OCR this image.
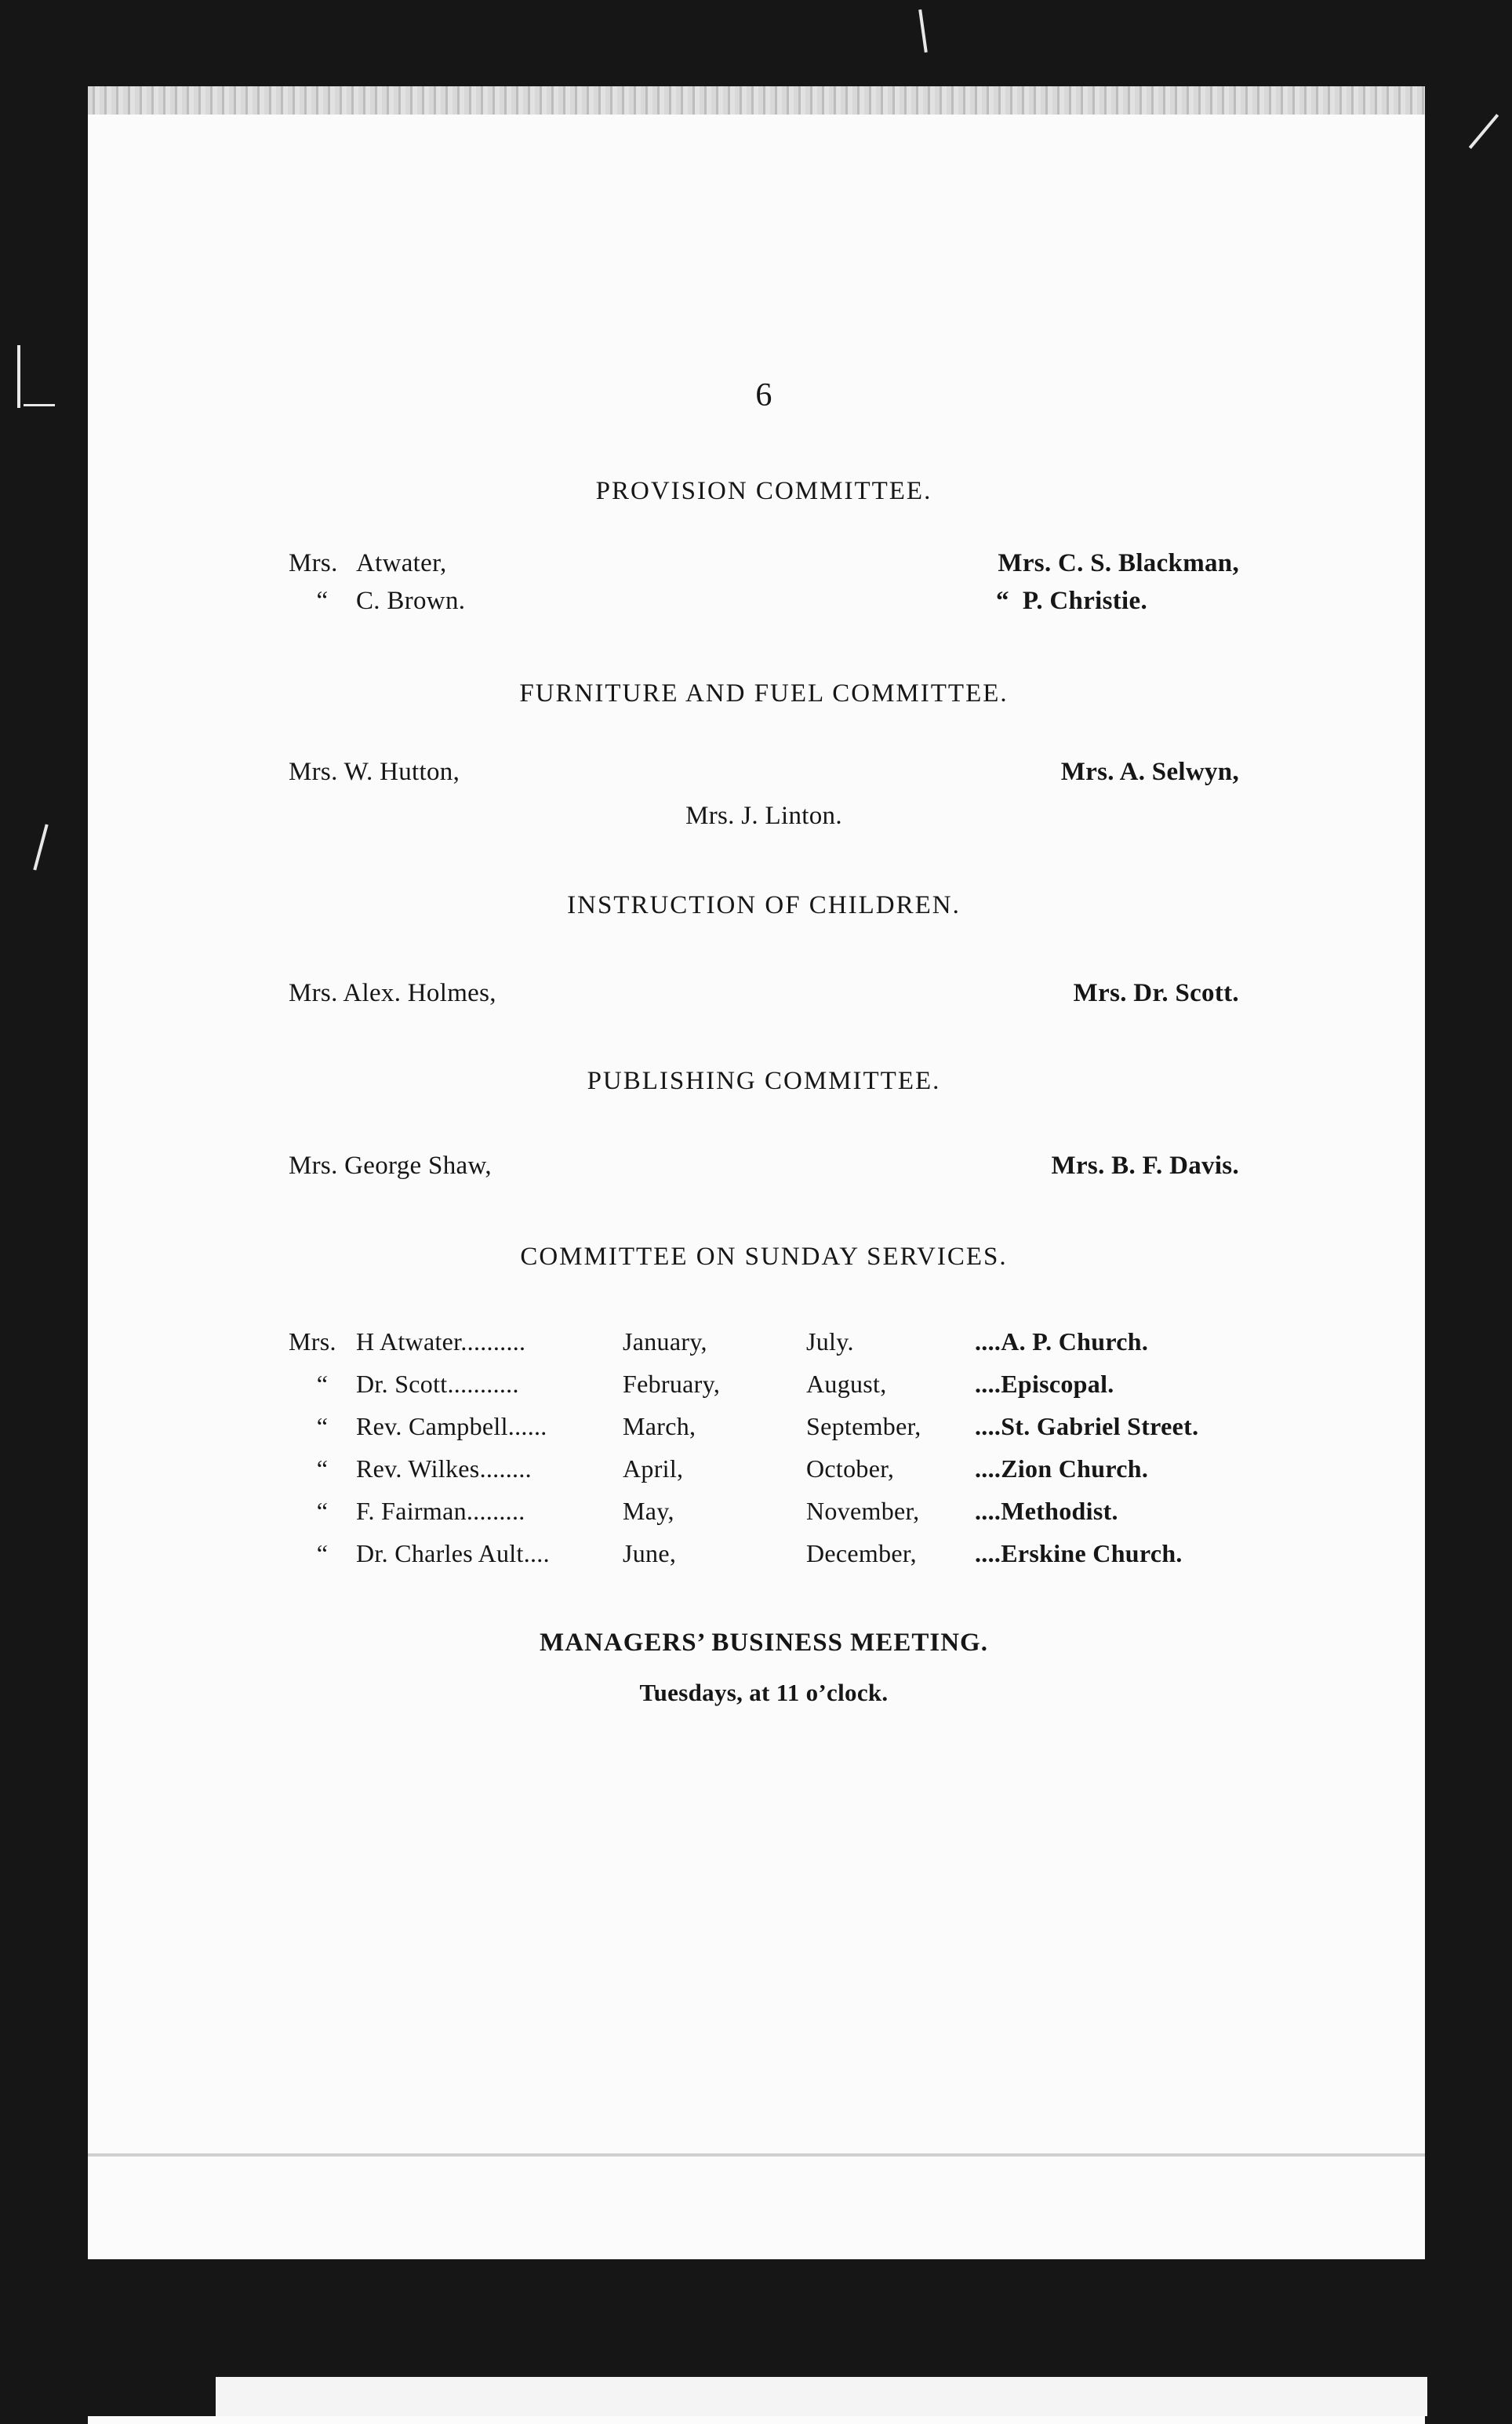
6
PROVISION COMMITTEE.
Mrs. Atwater,	Mrs. C. S. Blackman,
“ C. Brown.	“  P. Christie.
FURNITURE AND FUEL COMMITTEE.
Mrs. W. Hutton,	Mrs. A. Selwyn,
Mrs. J. Linton.
INSTRUCTION OF CHILDREN.
Mrs. Alex. Holmes,	Mrs. Dr. Scott.
PUBLISHING COMMITTEE.
Mrs. George Shaw,	Mrs. B. F. Davis.
COMMITTEE ON SUNDAY SERVICES.
Mrs. H Atwater..........	January,	July.	....A. P. Church.
“ Dr. Scott...........	February,	August,	....Episcopal.
“ Rev. Campbell......	March,	September, ....St. Gabriel Street.
“ Rev. Wilkes........	April,	October,	....Zion Church.
“ F. Fairman.........	May,	November, ....Methodist.
“ Dr. Charles Ault....	June,	December, ....Erskine Church.
MANAGERS’ BUSINESS MEETING.
Tuesdays, at 11 o’clock.
